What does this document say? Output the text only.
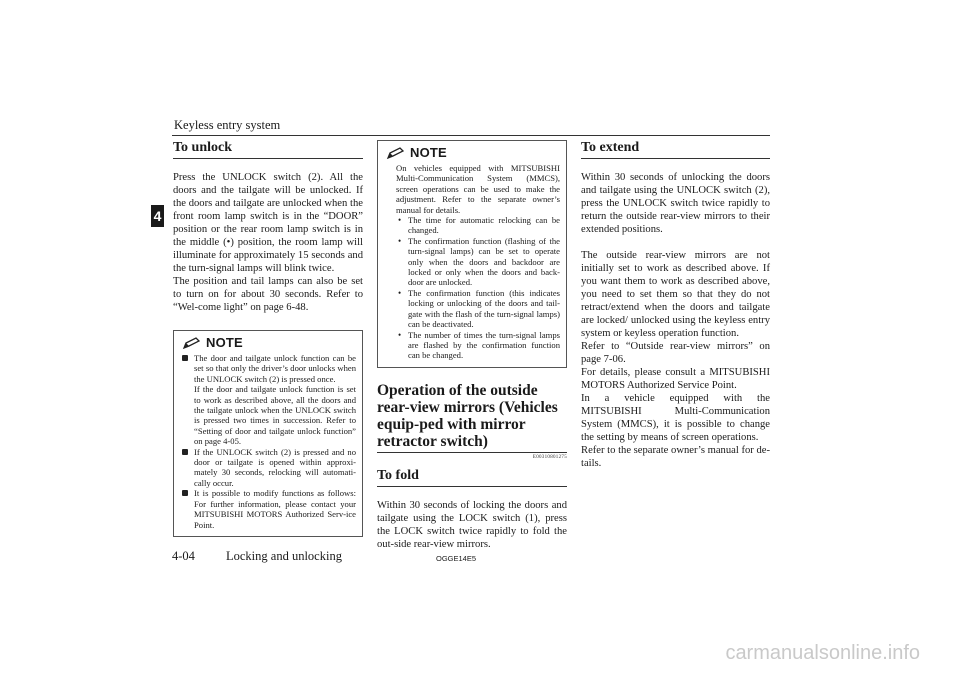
Keyless entry system
4
To unlock

Press the UNLOCK switch (2). All the doors and the tailgate will be unlocked. If the doors and tailgate are unlocked when the front room lamp switch is in the “DOOR” position or the rear room lamp switch is in the middle (•) position, the room lamp will illuminate for approximately 15 seconds and the turn-signal lamps will blink twice.

The position and tail lamps can also be set to turn on for about 30 seconds. Refer to “Wel-come light” on page 6-48.

NOTE
The door and tailgate unlock function can be set so that only the driver’s door unlocks when the UNLOCK switch (2) is pressed once.
If the door and tailgate unlock function is set to work as described above, all the doors and the tailgate unlock when the UNLOCK switch is pressed two times in succession. Refer to “Setting of door and tailgate unlock function” on page 4-05.
If the UNLOCK switch (2) is pressed and no door or tailgate is opened within approxi-mately 30 seconds, relocking will automati-cally occur.
It is possible to modify functions as follows: For further information, please contact your MITSUBISHI MOTORS Authorized Serv-ice Point.
NOTE
On vehicles equipped with MITSUBISHI Multi-Communication System (MMCS), screen operations can be used to make the adjustment. Refer to the separate owner’s manual for details.
• The time for automatic relocking can be changed.
• The confirmation function (flashing of the turn-signal lamps) can be set to operate only when the doors and backdoor are locked or only when the doors and back-door are unlocked.
• The confirmation function (this indicates locking or unlocking of the doors and tail-gate with the flash of the turn-signal lamps) can be deactivated.
• The number of times the turn-signal lamps are flashed by the confirmation function can be changed.
Operation of the outside rear-view mirrors (Vehicles equip-ped with mirror retractor switch)
E00310801275
To fold

Within 30 seconds of locking the doors and tailgate using the LOCK switch (1), press the LOCK switch twice rapidly to fold the out-side rear-view mirrors.

To extend

Within 30 seconds of unlocking the doors and tailgate using the UNLOCK switch (2), press the UNLOCK switch twice rapidly to return the outside rear-view mirrors to their extended positions.

The outside rear-view mirrors are not initially set to work as described above. If you want them to work as described above, you need to set them so that they do not retract/extend when the doors and tailgate are locked/ unlocked using the keyless entry system or keyless operation function.

Refer to “Outside rear-view mirrors” on page 7-06.

For details, please consult a MITSUBISHI MOTORS Authorized Service Point.

In a vehicle equipped with the MITSUBISHI Multi-Communication System (MMCS), it is possible to change the setting by means of screen operations.

Refer to the separate owner’s manual for de-tails.

4-04 Locking and unlocking	OGGE14E5
carmanualsonline.info
